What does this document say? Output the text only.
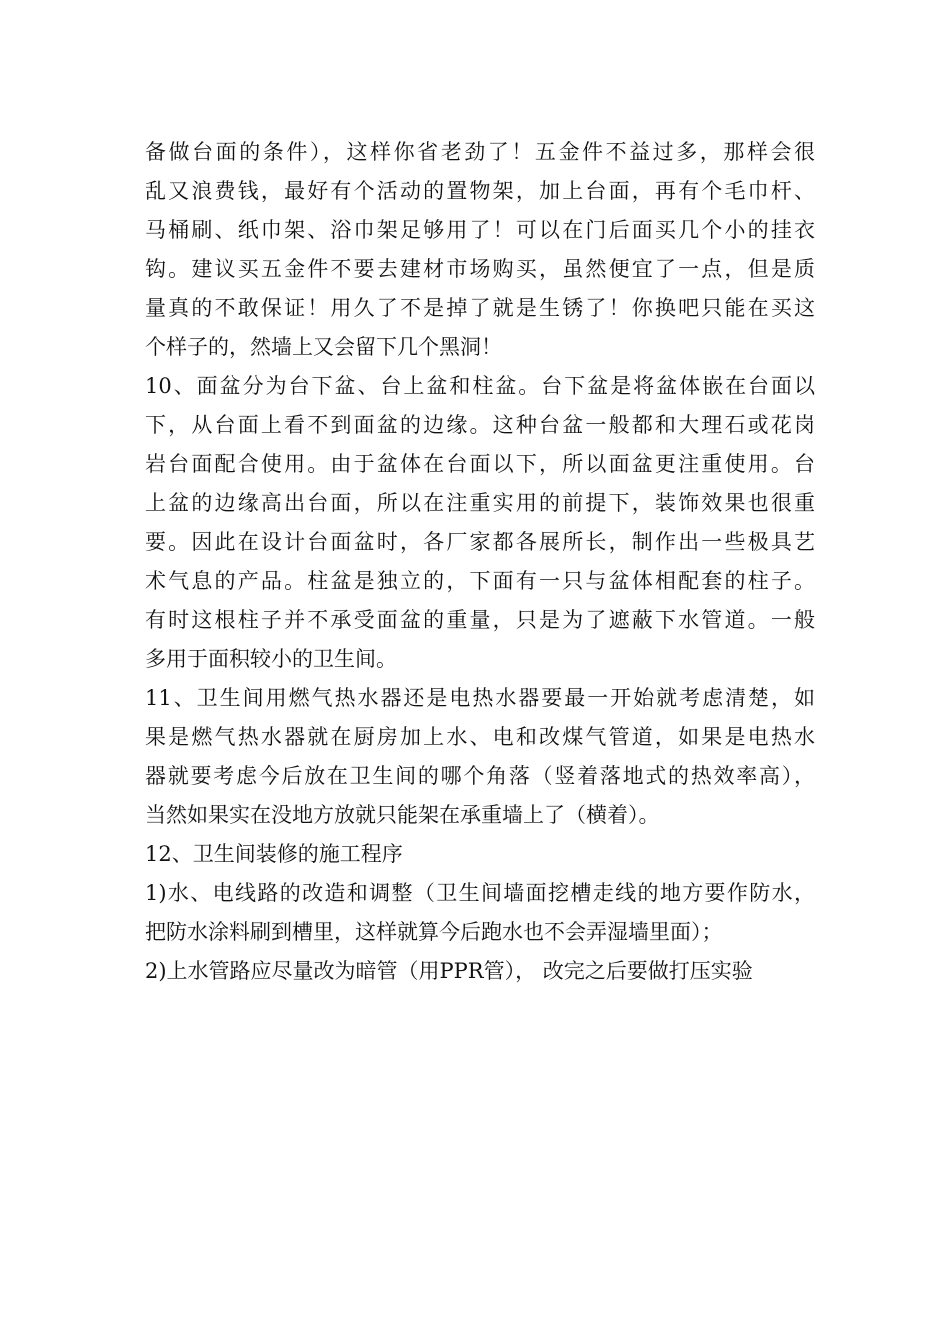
备做台面的条件），这样你省老劲了！五金件不益过多，那样会很
乱又浪费钱，最好有个活动的置物架，加上台面，再有个毛巾杆、
马桶刷、纸巾架、浴巾架足够用了！可以在门后面买几个小的挂衣
钩。建议买五金件不要去建材市场购买，虽然便宜了一点，但是质
量真的不敢保证！用久了不是掉了就是生锈了！你换吧只能在买这
个样子的，然墙上又会留下几个黑洞！

10、面盆分为台下盆、台上盆和柱盆。台下盆是将盆体嵌在台面以
下，从台面上看不到面盆的边缘。这种台盆一般都和大理石或花岗
岩台面配合使用。由于盆体在台面以下，所以面盆更注重使用。台
上盆的边缘高出台面，所以在注重实用的前提下，装饰效果也很重
要。因此在设计台面盆时，各厂家都各展所长，制作出一些极具艺
术气息的产品。柱盆是独立的，下面有一只与盆体相配套的柱子。
有时这根柱子并不承受面盆的重量，只是为了遮蔽下水管道。一般
多用于面积较小的卫生间。

11、卫生间用燃气热水器还是电热水器要最一开始就考虑清楚，如
果是燃气热水器就在厨房加上水、电和改煤气管道，如果是电热水
器就要考虑今后放在卫生间的哪个角落（竖着落地式的热效率高），
当然如果实在没地方放就只能架在承重墙上了（横着）。

12、卫生间装修的施工程序

1)水、电线路的改造和调整（卫生间墙面挖槽走线的地方要作防水，
把防水涂料刷到槽里，这样就算今后跑水也不会弄湿墙里面）；

2)上水管路应尽量改为暗管（用PPR管）， 改完之后要做打压实验
